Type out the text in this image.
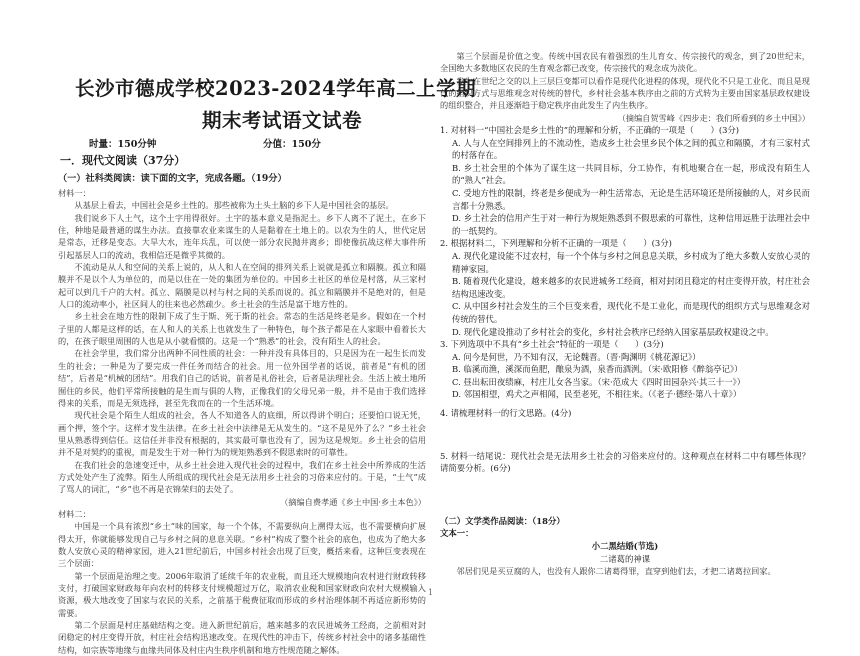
长沙市德成学校2023-2024学年高二上学期
期末考试语文试卷
时量：150分钟	分值：150分
一．现代文阅读（37分）
（一）社科类阅读：读下面的文字，完成各题。（19分）

材料一：

从基层上看去，中国社会是乡土性的。那些被称为土头土脑的乡下人是中国社会的基层。

我们说乡下人土气，这个土字用得很好。土字的基本意义是指泥土。乡下人离不了泥土，在乡下住，种地是最普通的谋生办法。直接靠农业来谋生的人是黏着在土地上的。以农为生的人，世代定居是常态，迁移是变态。大旱大水，连年兵乱，可以使一部分农民抛井离乡；即使像抗战这样大事件所引起基层人口的流动，我相信还是微乎其微的。

不流动是从人和空间的关系上说的，从人和人在空间的排列关系上说就是孤立和隔膜。孤立和隔膜并不是以个人为单位的，而是以住在一处的集团为单位的。中国乡土社区的单位是村落，从三家村起可以到几千户的大村。孤立、隔膜是以村与村之间的关系而说的。孤立和隔膜并不是绝对的，但是人口的流动率小，社区间人的往来也必然疏少。乡土社会的生活是富于地方性的。

乡土社会在地方性的限制下成了生于斯、死于斯的社会。常态的生活是终老是乡。假如在一个村子里的人都是这样的话，在人和人的关系上也就发生了一种特色，每个孩子都是在人家眼中看着长大的，在孩子眼里周围的人也是从小就看惯的。这是一个“熟悉”的社会，没有陌生人的社会。

在社会学里，我们常分出两种不同性质的社会：一种并没有具体目的，只是因为在一起生长而发生的社会；一种是为了要完成一件任务而结合的社会。用一位外国学者的话说，前者是“有机的团结”，后者是“机械的团结”。用我们自己的话说，前者是礼俗社会，后者是法理社会。生活上被土地所囿住的乡民，他们平常所接触的是生而与俱的人物，正像我们的父母兄弟一般，并不是由于我们选择得来的关系，而是无须选择，甚至先我而在的一个生活环境。

现代社会是个陌生人组成的社会，各人不知道各人的底细，所以得讲个明白；还要怕口说无凭，画个押，签个字。这样才发生法律。在乡土社会中法律是无从发生的。“这不是见外了么？”乡土社会里从熟悉得到信任。这信任并非没有根据的，其实最可靠也没有了，因为这是规矩。乡土社会的信用并不是对契约的重视，而是发生于对一种行为的规矩熟悉到不假思索时的可靠性。

在我们社会的急速变迁中，从乡土社会进入现代社会的过程中，我们在乡土社会中所养成的生活方式处处产生了流弊。陌生人所组成的现代社会是无法用乡土社会的习俗来应付的。于是，“土气”成了骂人的词汇，“乡”也不再是衣锦荣归的去处了。

（摘编自费孝通《乡土中国·乡土本色》）

材料二：

中国是一个具有浓烈“乡土”味的国家，每一个个体，不需要纵向上溯得太远，也不需要横向扩展得太开，你就能够发现自己与乡村之间的息息关联。“乡村”构成了整个社会的底色，也成为了绝大多数人安放心灵的精神家园，进入21世纪前后，中国乡村社会出现了巨变，概括来看，这种巨变表现在三个层面：

第一个层面是治理之变。2006年取消了延续千年的农业税，而且还大规模地向农村进行财政转移支付，打破国家财政每年向农村的转移支付规模超过万亿，取消农业税和国家财政向农村大规模输入资源，极大地改变了国家与农民的关系，之前基于税费征取而形成的乡村治理体制不再适应新形势的需要。

第二个层面是村庄基础结构之变。进入新世纪前后，越来越多的农民进城务工经商，之前相对封闭稳定的村庄变得开放，村庄社会结构迅速改变。在现代性的冲击下，传统乡村社会中的诸多基础性结构，如宗族等地缘与血缘共同体及村庄内生秩序机制和地方性规范随之解体。

第三个层面是价值之变。传统中国农民有着强烈的生儿育女、传宗接代的观念，到了20世纪末，全国绝大多数地区农民的生育观念都已改变，传宗接代的观念成为淡化。

发生在世纪之交的以上三层巨变都可以看作是现代化进程的体现，现代化不只是工业化、而且是现代的组织方式与思维观念对传统的替代，乡村社会基本秩序由之前的方式转为主要由国家基层政权建设的组织整合，并且逐渐趋于稳定秩序由此发生了内生秩序。

（摘编自贺雪峰《四步走：我们所看到的乡土中国》）

1. 对材料一“中国社会是乡土性的”的理解和分析，不正确的一项是（　　）(3分)

A. 人与人在空间排列上的不流动性，造成乡土社会里乡民个体之间的孤立和隔膜，才有三家村式的村落存在。

B. 乡土社会里的个体为了谋生这一共同目标，分工协作，有机地聚合在一起，形成没有陌生人的“熟人”社会。

C. 受地方性的限制，终老是乡便成为一种生活常态，无论是生活环境还是所接触的人，对乡民而言都十分熟悉。

D. 乡土社会的信用产生于对一种行为规矩熟悉到不假思索的可靠性，这种信用远胜于法理社会中的一纸契约。

2. 根据材料二，下列理解和分析不正确的一项是（　　）(3分)

A. 现代化建设能不过农村，每一个个体与乡村之间息息关联，乡村成为了绝大多数人安放心灵的精神家园。

B. 随着现代化建设，越来越多的农民进城务工经商，相对封闭且稳定的村庄变得开放，村庄社会结构迅速改变。

C. 从中国乡村社会发生的三个巨变来看，现代化不是工业化，而是现代的组织方式与思维观念对传统的替代。

D. 现代化建设推动了乡村社会的变化，乡村社会秩序已经纳入国家基层政权建设之中。

3. 下列选项中不具有“乡土社会”特征的一项是（　　）(3分)

A. 问今是何世，乃不知有汉，无论魏晋。（晋·陶渊明《桃花源记》）

B. 临溪而渔，溪深而鱼肥，酿泉为酒，泉香而酒洌。（宋·欧阳修《醉翁亭记》）

C. 昼出耘田夜绩麻，村庄儿女各当家。（宋·范成大《四时田园杂兴·其三十一》）

D. 邻国相望，鸡犬之声相闻，民至老死，不相往来。（《老子·德经·第八十章》）

4. 请梳理材料一的行文思路。(4分)

5. 材料一结尾说：现代社会是无法用乡土社会的习俗来应付的。这种观点在材料二中有哪些体现？请简要分析。(6分)

（二）文学类作品阅读：（18分）

文本一：

小二黑结婚(节选)

二诸葛的神课

邻居们见是买豆腐的人，也没有人跟你二诸葛得罪，直穿到他们去，才把二诸葛拉回家。

1
